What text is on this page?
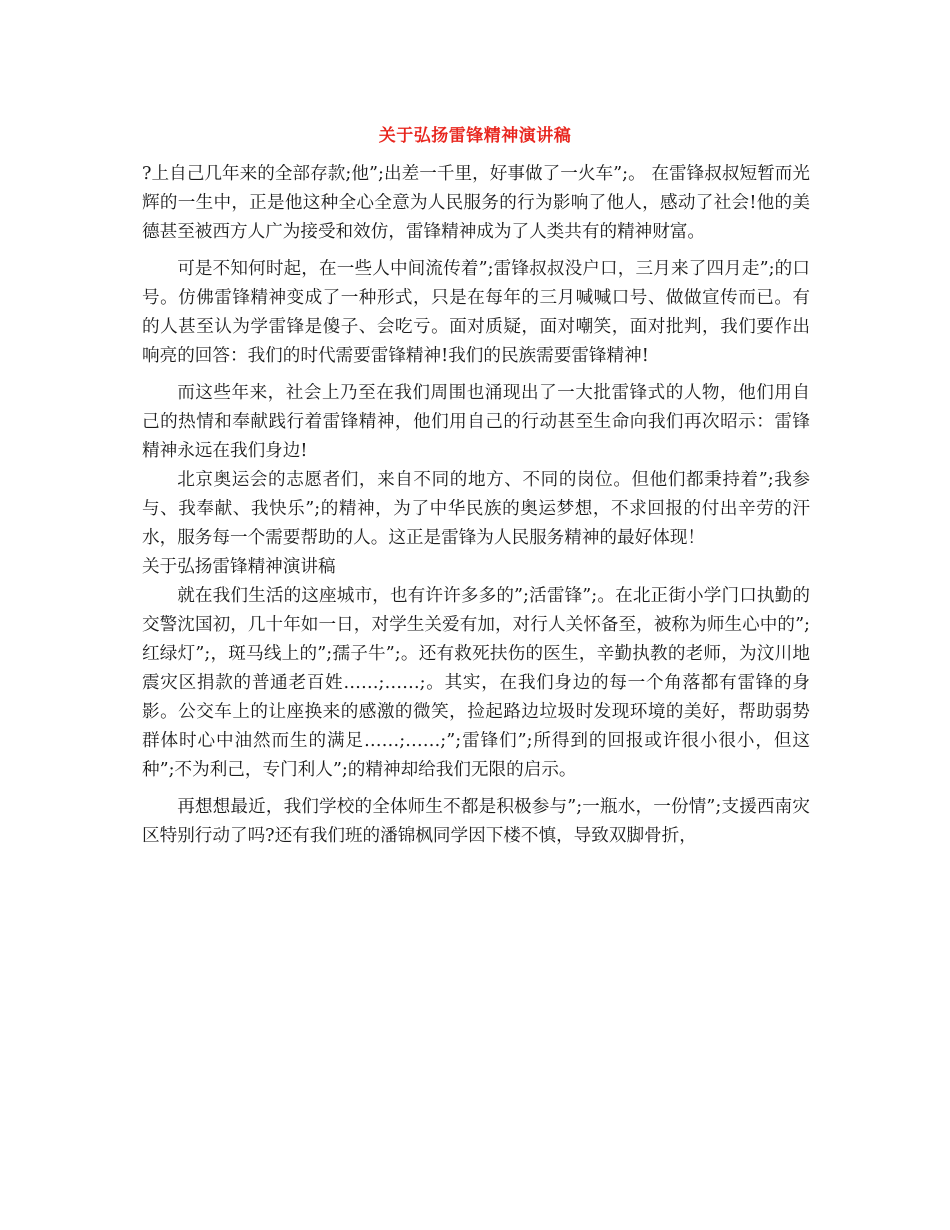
关于弘扬雷锋精神演讲稿

?上自己几年来的全部存款;他”;出差一千里，好事做了一火车”;。 在雷锋叔叔短暂而光辉的一生中，正是他这种全心全意为人民服务的行为影响了他人，感动了社会!他的美德甚至被西方人广为接受和效仿，雷锋精神成为了人类共有的精神财富。

可是不知何时起，在一些人中间流传着”;雷锋叔叔没户口，三月来了四月走”;的口号。仿佛雷锋精神变成了一种形式，只是在每年的三月喊喊口号、做做宣传而已。有的人甚至认为学雷锋是傻子、会吃亏。面对质疑，面对嘲笑，面对批判，我们要作出响亮的回答：我们的时代需要雷锋精神!我们的民族需要雷锋精神!

而这些年来，社会上乃至在我们周围也涌现出了一大批雷锋式的人物，他们用自己的热情和奉献践行着雷锋精神，他们用自己的行动甚至生命向我们再次昭示：雷锋精神永远在我们身边!

北京奥运会的志愿者们，来自不同的地方、不同的岗位。但他们都秉持着”;我参与、我奉献、我快乐”;的精神，为了中华民族的奥运梦想，不求回报的付出辛劳的汗水，服务每一个需要帮助的人。这正是雷锋为人民服务精神的最好体现！

关于弘扬雷锋精神演讲稿

就在我们生活的这座城市，也有许许多多的”;活雷锋”;。在北正街小学门口执勤的交警沈国初，几十年如一日，对学生关爱有加，对行人关怀备至，被称为师生心中的”;红绿灯”;，斑马线上的”;孺子牛”;。还有救死扶伤的医生，辛勤执教的老师，为汶川地震灾区捐款的普通老百姓……;……;。其实，在我们身边的每一个角落都有雷锋的身影。公交车上的让座换来的感激的微笑，捡起路边垃圾时发现环境的美好，帮助弱势群体时心中油然而生的满足……;……;”;雷锋们”;所得到的回报或许很小很小，但这种”;不为利己，专门利人”;的精神却给我们无限的启示。

再想想最近，我们学校的全体师生不都是积极参与”;一瓶水，一份情”;支援西南灾区特别行动了吗?还有我们班的潘锦枫同学因下楼不慎，导致双脚骨折，
